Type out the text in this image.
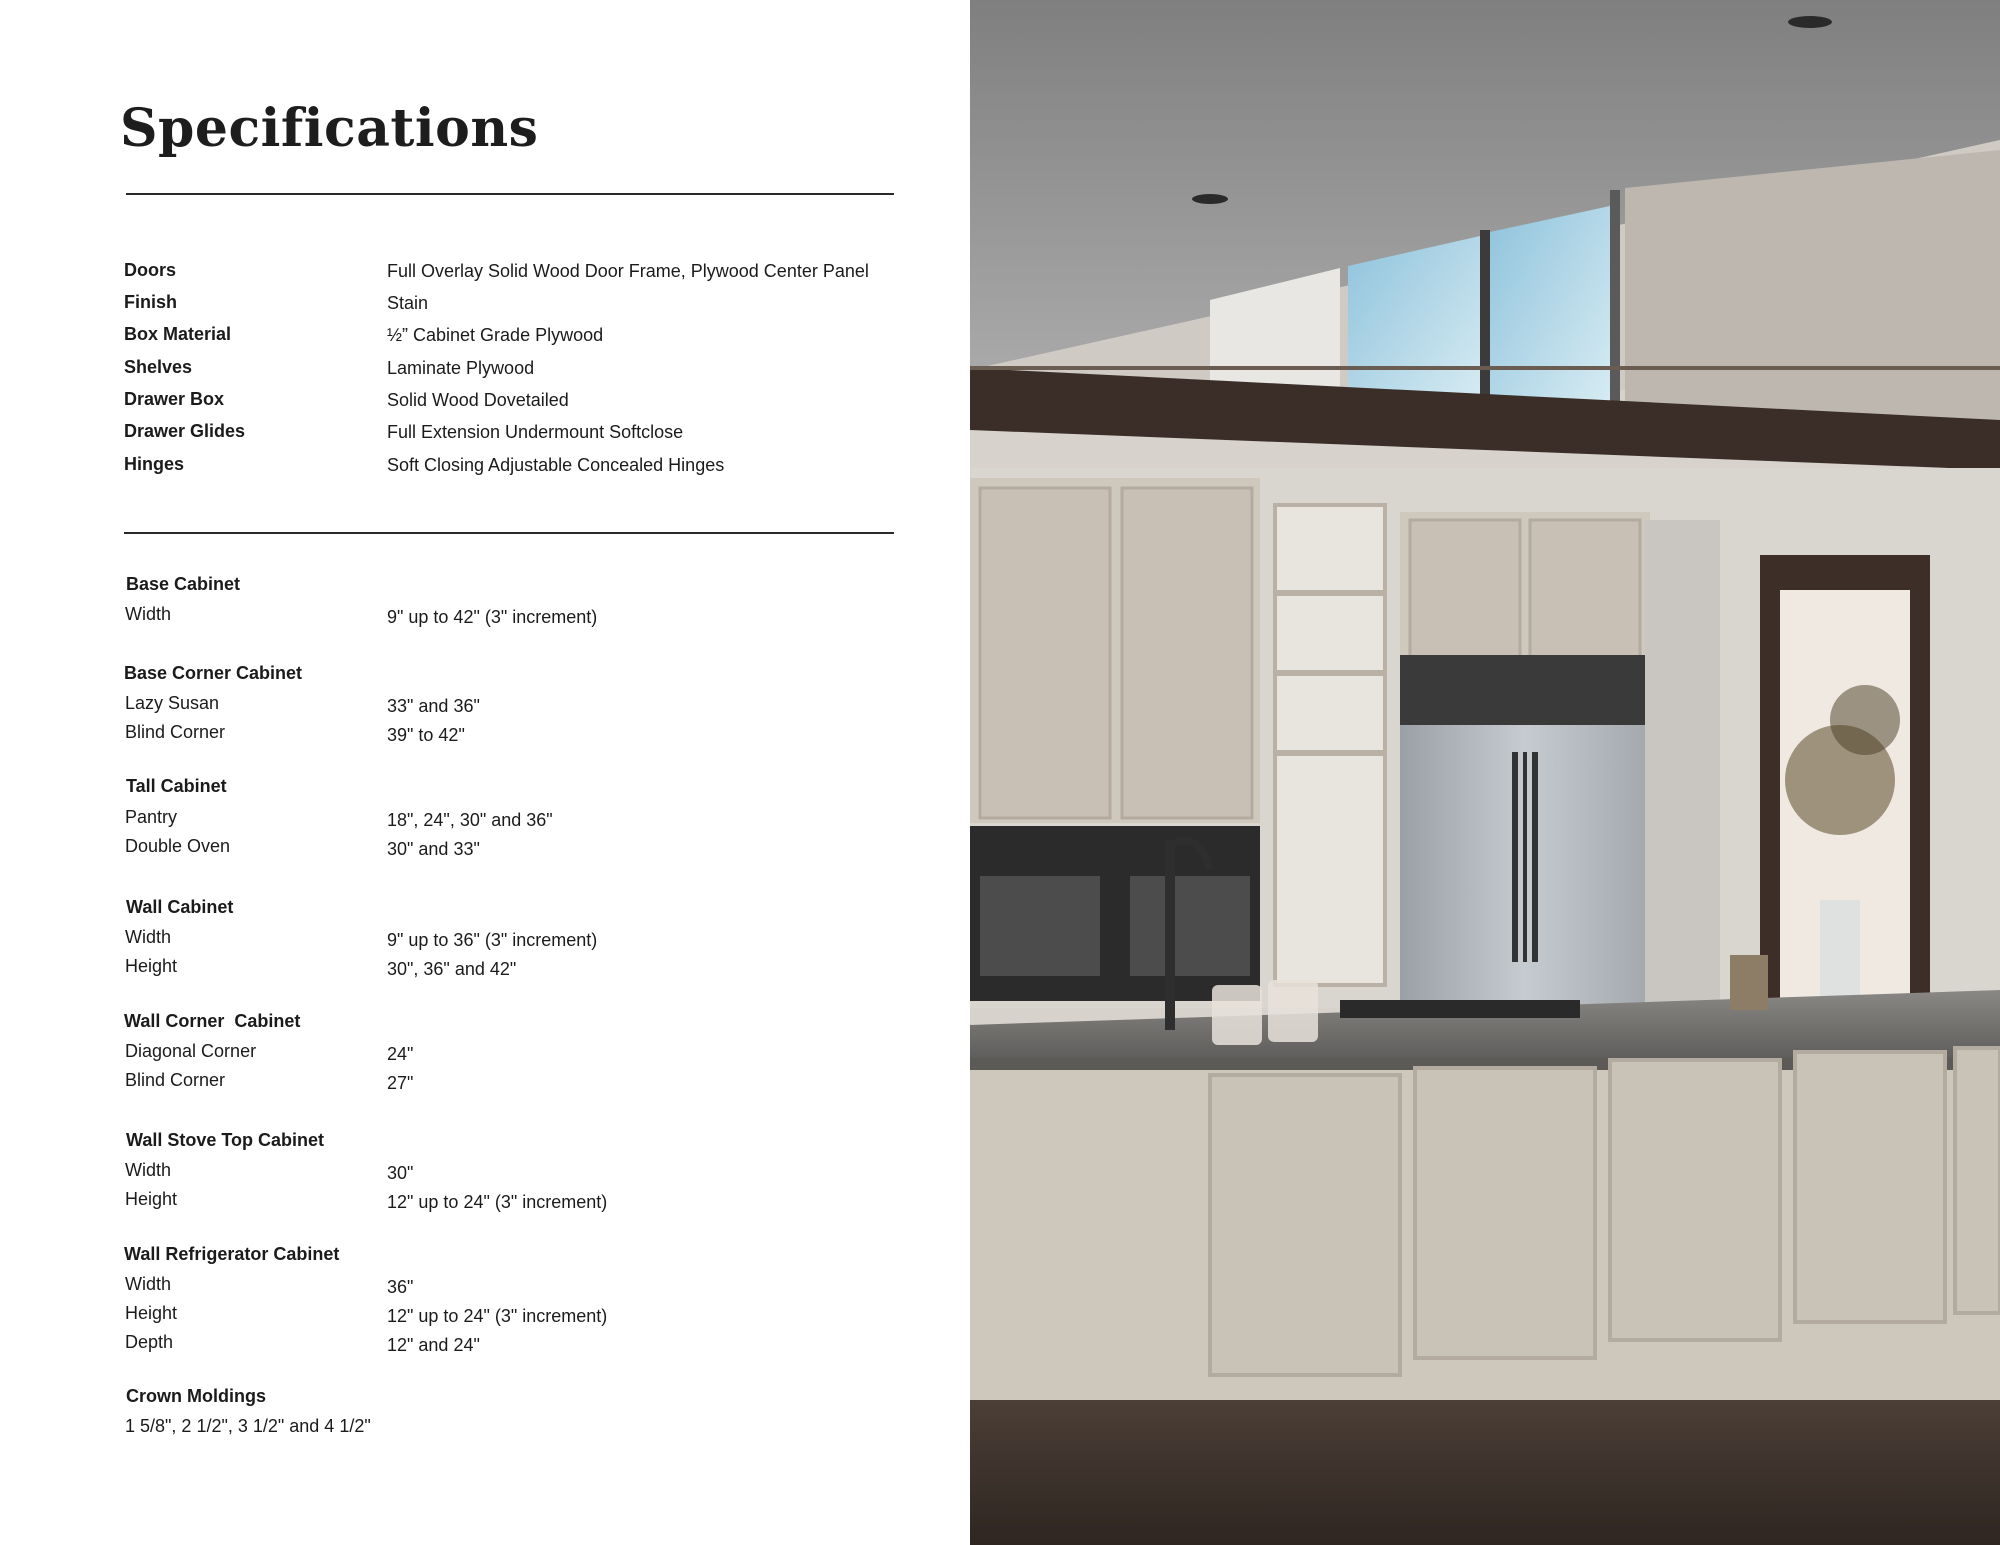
Specifications
Doors	Full Overlay Solid Wood Door Frame, Plywood Center Panel
Finish	Stain
Box Material	½” Cabinet Grade Plywood
Shelves	Laminate Plywood
Drawer Box	Solid Wood Dovetailed
Drawer Glides	Full Extension Undermount Softclose
Hinges	Soft Closing Adjustable Concealed Hinges
Base Cabinet
Width	9" up to 42" (3" increment)
Base Corner Cabinet
Lazy Susan	33" and 36"
Blind Corner	39" to 42"
Tall Cabinet
Pantry	18", 24", 30" and 36"
Double Oven	30" and 33"
Wall Cabinet
Width	9" up to 36" (3" increment)
Height	30", 36" and 42"
Wall Corner  Cabinet
Diagonal Corner	24"
Blind Corner	27"
Wall Stove Top Cabinet
Width	30"
Height	12" up to 24" (3" increment)
Wall Refrigerator Cabinet
Width	36"
Height	12" up to 24" (3" increment)
Depth	12" and 24"
Crown Moldings
1 5/8", 2 1/2", 3 1/2" and 4 1/2"
